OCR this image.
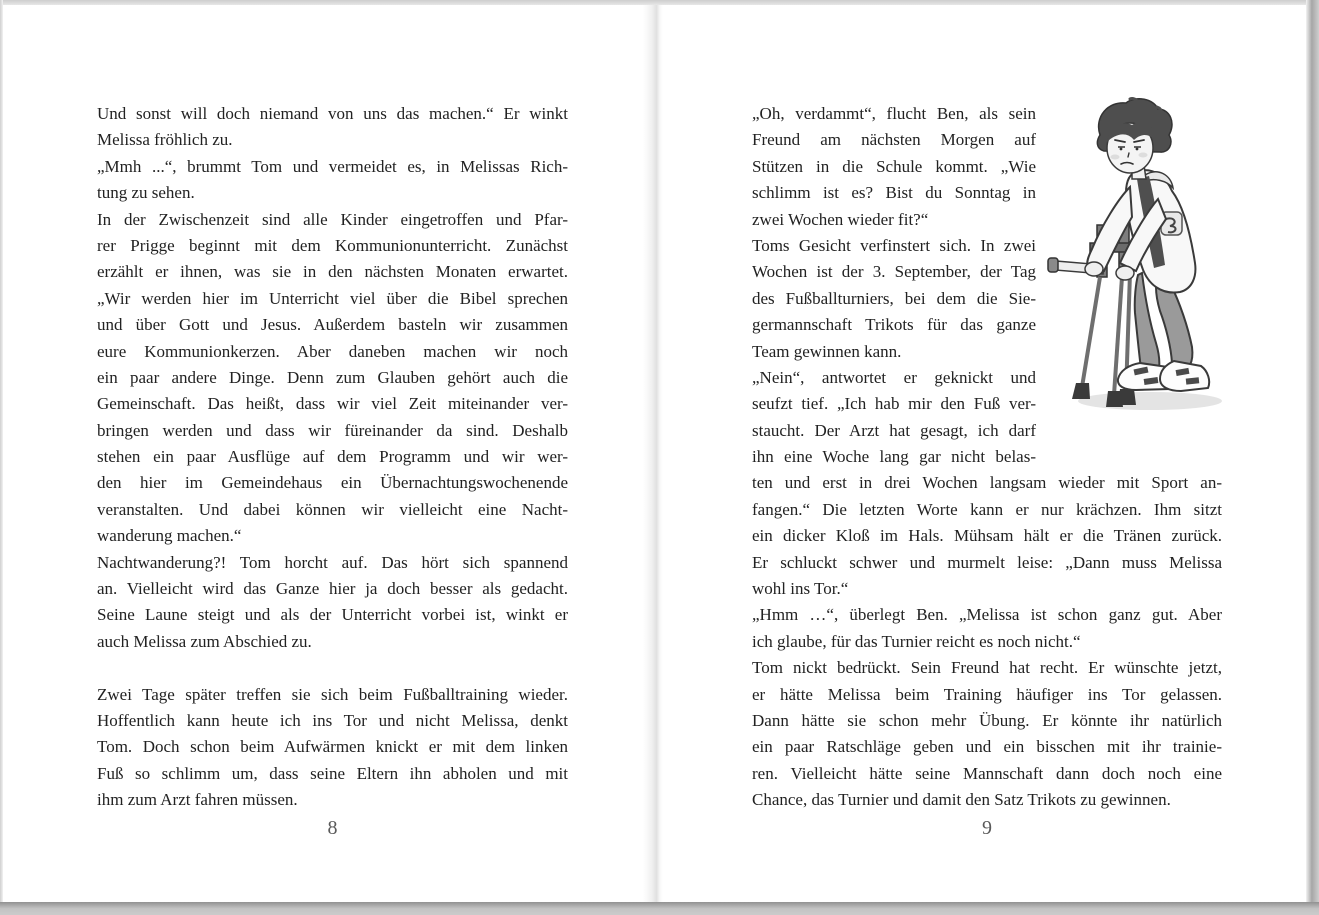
Und sonst will doch niemand von uns das machen.“ Er winkt
Melissa fröhlich zu.
„Mmh ...“, brummt Tom und vermeidet es, in Melissas Rich-
tung zu sehen.
In der Zwischenzeit sind alle Kinder eingetroffen und Pfar-
rer Prigge beginnt mit dem Kommunionunterricht. Zunächst
erzählt er ihnen, was sie in den nächsten Monaten erwartet.
„Wir werden hier im Unterricht viel über die Bibel sprechen
und über Gott und Jesus. Außerdem basteln wir zusammen
eure Kommunionkerzen. Aber daneben machen wir noch
ein paar andere Dinge. Denn zum Glauben gehört auch die
Gemeinschaft. Das heißt, dass wir viel Zeit miteinander ver-
bringen werden und dass wir füreinander da sind. Deshalb
stehen ein paar Ausflüge auf dem Programm und wir wer-
den hier im Gemeindehaus ein Übernachtungswochenende
veranstalten. Und dabei können wir vielleicht eine Nacht-
wanderung machen.“
Nachtwanderung?! Tom horcht auf. Das hört sich spannend
an. Vielleicht wird das Ganze hier ja doch besser als gedacht.
Seine Laune steigt und als der Unterricht vorbei ist, winkt er
auch Melissa zum Abschied zu.
Zwei Tage später treffen sie sich beim Fußballtraining wieder.
Hoffentlich kann heute ich ins Tor und nicht Melissa, denkt
Tom. Doch schon beim Aufwärmen knickt er mit dem linken
Fuß so schlimm um, dass seine Eltern ihn abholen und mit
ihm zum Arzt fahren müssen.
8
„Oh, verdammt“, flucht Ben, als sein
Freund am nächsten Morgen auf
Stützen in die Schule kommt. „Wie
schlimm ist es? Bist du Sonntag in
zwei Wochen wieder fit?“
Toms Gesicht verfinstert sich. In zwei
Wochen ist der 3. September, der Tag
des Fußballturniers, bei dem die Sie-
germannschaft Trikots für das ganze
Team gewinnen kann.
„Nein“, antwortet er geknickt und
seufzt tief. „Ich hab mir den Fuß ver-
staucht. Der Arzt hat gesagt, ich darf
ihn eine Woche lang gar nicht belas-
ten und erst in drei Wochen langsam wieder mit Sport an-
fangen.“ Die letzten Worte kann er nur krächzen. Ihm sitzt
ein dicker Kloß im Hals. Mühsam hält er die Tränen zurück.
Er schluckt schwer und murmelt leise: „Dann muss Melissa
wohl ins Tor.“
„Hmm …“, überlegt Ben. „Melissa ist schon ganz gut. Aber
ich glaube, für das Turnier reicht es noch nicht.“
Tom nickt bedrückt. Sein Freund hat recht. Er wünschte jetzt,
er hätte Melissa beim Training häufiger ins Tor gelassen.
Dann hätte sie schon mehr Übung. Er könnte ihr natürlich
ein paar Ratschläge geben und ein bisschen mit ihr trainie-
ren. Vielleicht hätte seine Mannschaft dann doch noch eine
Chance, das Turnier und damit den Satz Trikots zu gewinnen.
9
